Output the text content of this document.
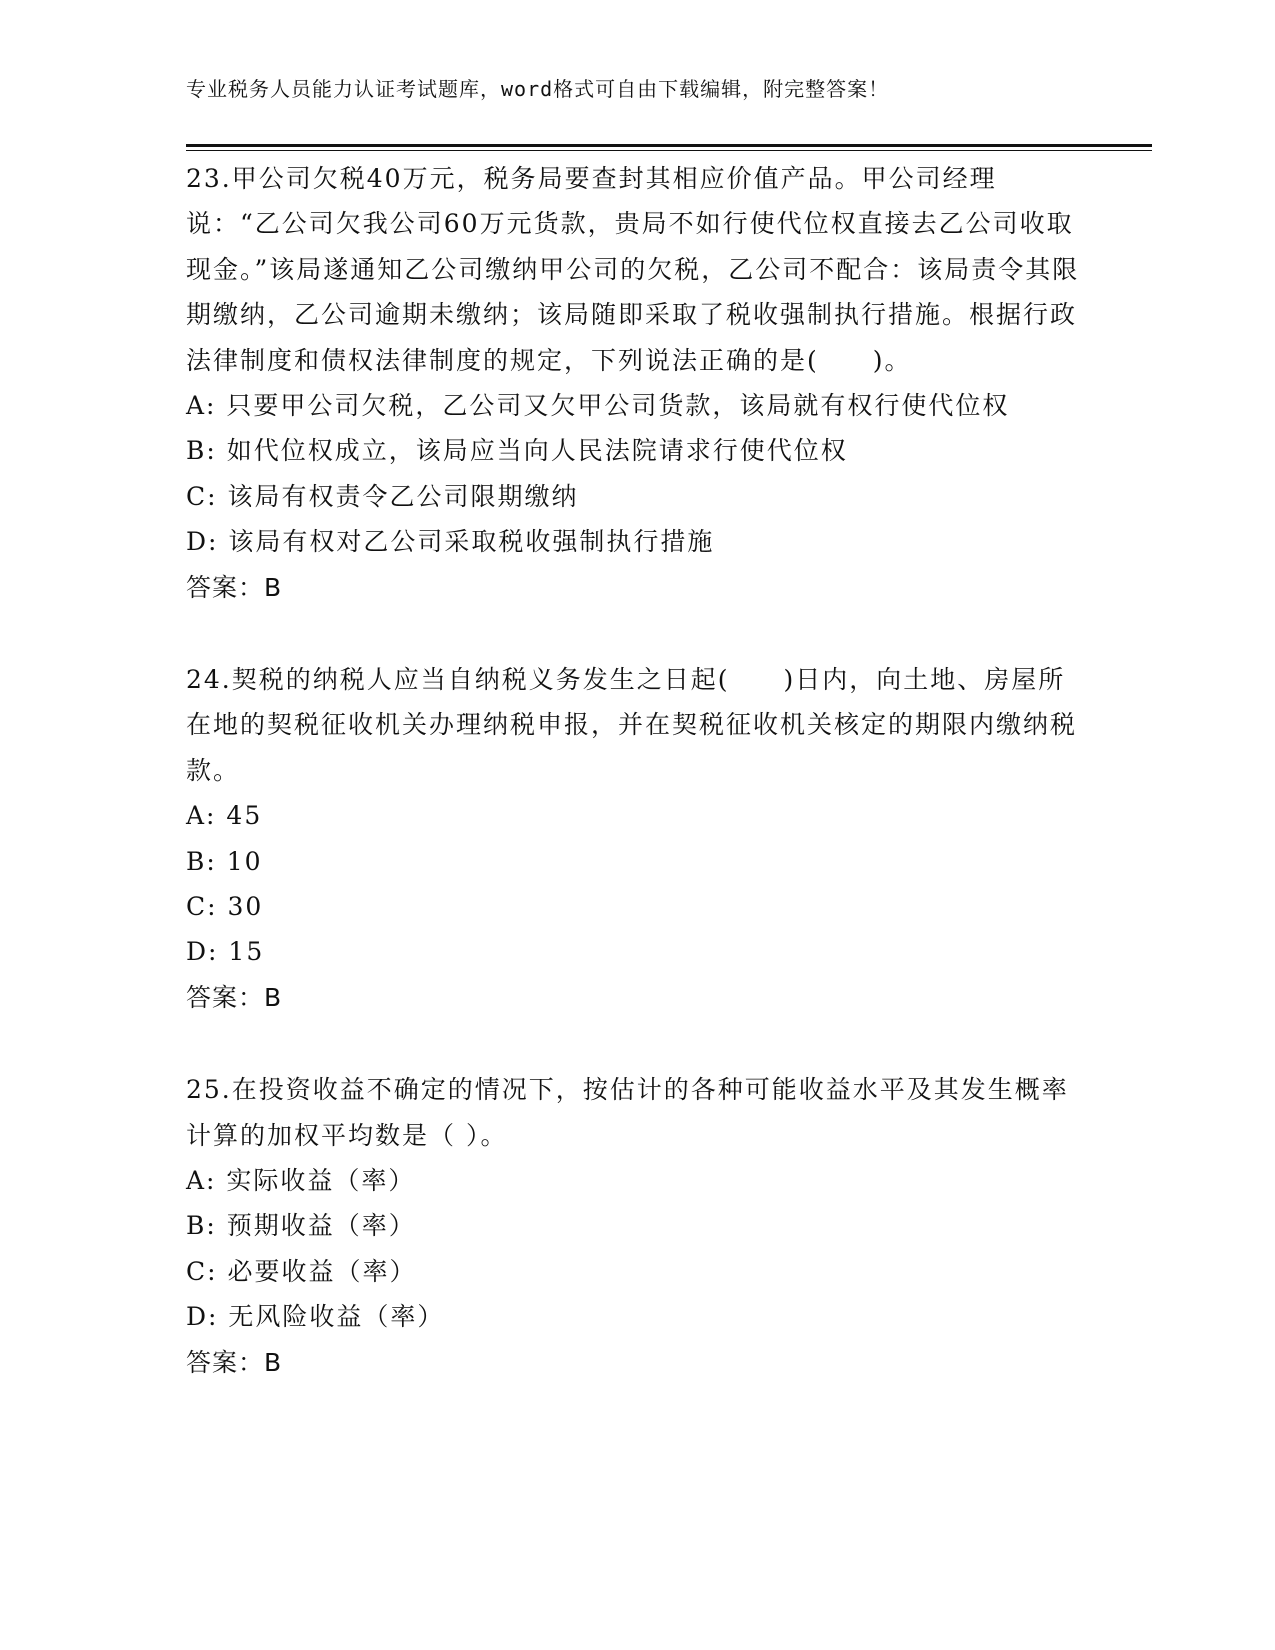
专业税务人员能力认证考试题库，word格式可自由下载编辑，附完整答案！
23.甲公司欠税40万元，税务局要查封其相应价值产品。甲公司经理说：“乙公司欠我公司60万元货款，贵局不如行使代位权直接去乙公司收取现金。”该局遂通知乙公司缴纳甲公司的欠税，乙公司不配合：该局责令其限期缴纳，乙公司逾期未缴纳；该局随即采取了税收强制执行措施。根据行政法律制度和债权法律制度的规定，下列说法正确的是(　　)。
A: 只要甲公司欠税，乙公司又欠甲公司货款，该局就有权行使代位权
B: 如代位权成立，该局应当向人民法院请求行使代位权
C: 该局有权责令乙公司限期缴纳
D: 该局有权对乙公司采取税收强制执行措施
答案：B
24.契税的纳税人应当自纳税义务发生之日起(　　)日内，向土地、房屋所在地的契税征收机关办理纳税申报，并在契税征收机关核定的期限内缴纳税款。
A: 45
B: 10
C: 30
D: 15
答案：B
25.在投资收益不确定的情况下，按估计的各种可能收益水平及其发生概率计算的加权平均数是（ ）。
A: 实际收益（率）
B: 预期收益（率）
C: 必要收益（率）
D: 无风险收益（率）
答案：B
